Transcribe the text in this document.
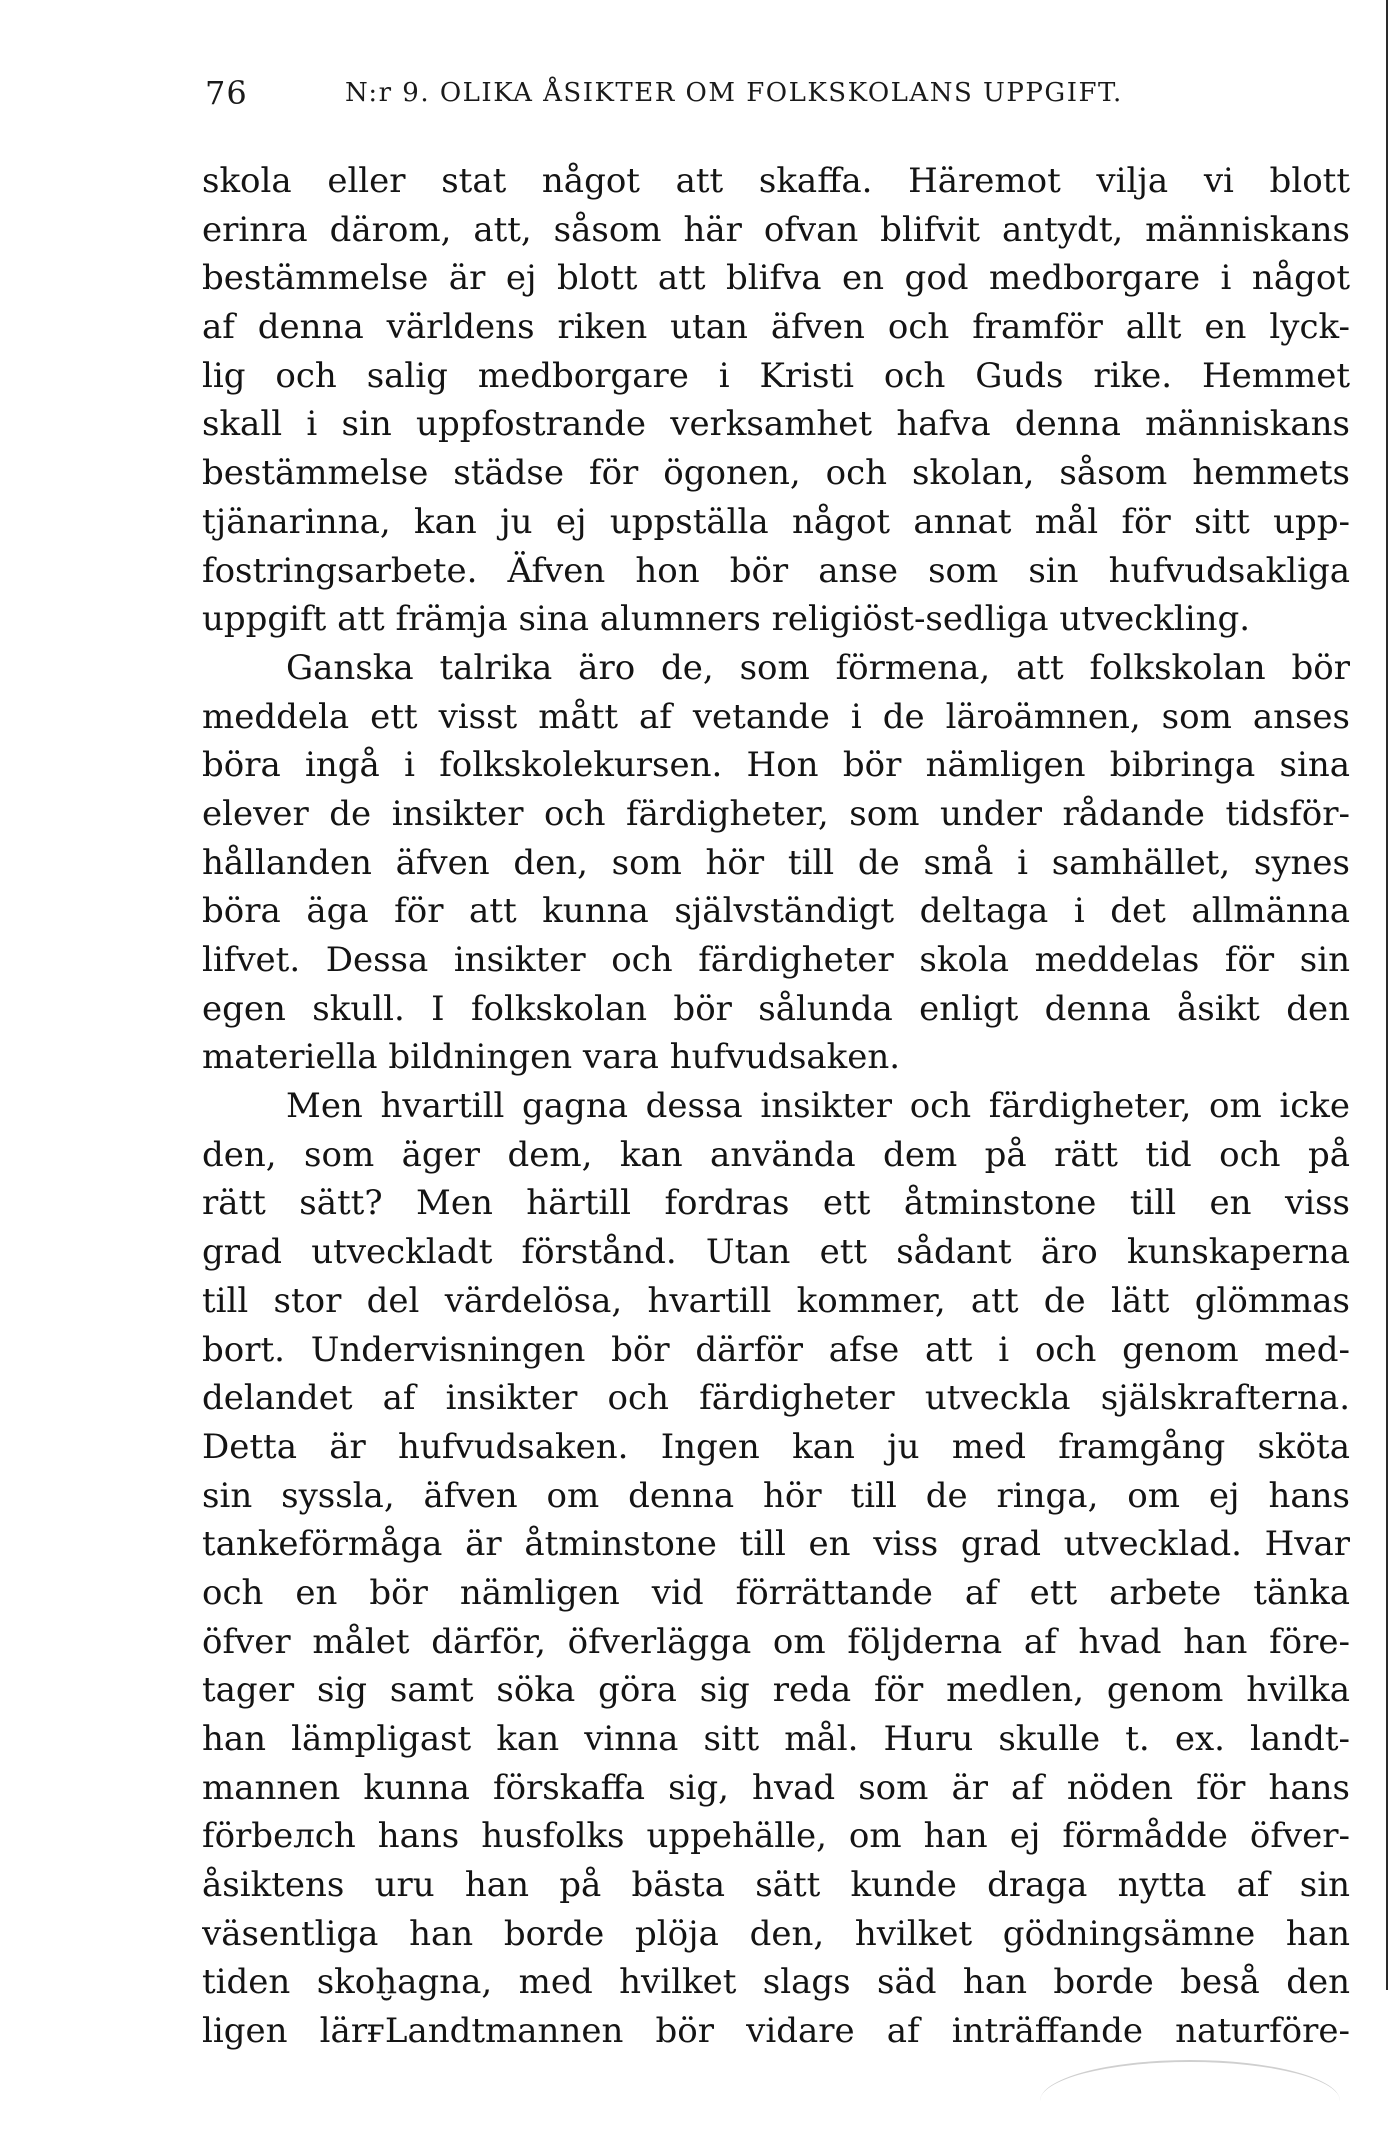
76	N:r 9. OLIKA ÅSIKTER OM FOLKSKOLANS UPPGIFT.
skola eller stat något att skaffa. Häremot vilja vi blott
erinra därom, att, såsom här ofvan blifvit antydt, människans
bestämmelse är ej blott att blifva en god medborgare i något
af denna världens riken utan äfven och framför allt en lyck-
lig och salig medborgare i Kristi och Guds rike. Hemmet
skall i sin uppfostrande verksamhet hafva denna människans
bestämmelse städse för ögonen, och skolan, såsom hemmets
tjänarinna, kan ju ej uppställa något annat mål för sitt upp-
fostringsarbete. Äfven hon bör anse som sin hufvudsakliga
uppgift att främja sina alumners religiöst-sedliga utveckling.
Ganska talrika äro de, som förmena, att folkskolan bör
meddela ett visst mått af vetande i de läroämnen, som anses
böra ingå i folkskolekursen. Hon bör nämligen bibringa sina
elever de insikter och färdigheter, som under rådande tidsför-
hållanden äfven den, som hör till de små i samhället, synes
böra äga för att kunna självständigt deltaga i det allmänna
lifvet. Dessa insikter och färdigheter skola meddelas för sin
egen skull. I folkskolan bör sålunda enligt denna åsikt den
materiella bildningen vara hufvudsaken.
Men hvartill gagna dessa insikter och färdigheter, om icke
den, som äger dem, kan använda dem på rätt tid och på
rätt sätt? Men härtill fordras ett åtminstone till en viss
grad utveckladt förstånd. Utan ett sådant äro kunskaperna
till stor del värdelösa, hvartill kommer, att de lätt glömmas
bort. Undervisningen bör därför afse att i och genom med-
delandet af insikter och färdigheter utveckla själskrafterna.
Detta är hufvudsaken. Ingen kan ju med framgång sköta
sin syssla, äfven om denna hör till de ringa, om ej hans
tankeförmåga är åtminstone till en viss grad utvecklad. Hvar
och en bör nämligen vid förrättande af ett arbete tänka
öfver målet därför, öfverlägga om följderna af hvad han före-
tager sig samt söka göra sig reda för medlen, genom hvilka
han lämpligast kan vinna sitt mål. Huru skulle t. ex. landt-
mannen kunna förskaffa sig, hvad som är af nöden för hans
förbeлch hans husfolks uppehälle, om han ej förmådde öfver-
åsiktens uru han på bästa sätt kunde draga nytta af sin
väsentliga han borde plöja den, hvilket gödningsämne han
tiden skoḫagna, med hvilket slags säd han borde beså den
ligen lärғLandtmannen bör vidare af inträffande naturföre-
